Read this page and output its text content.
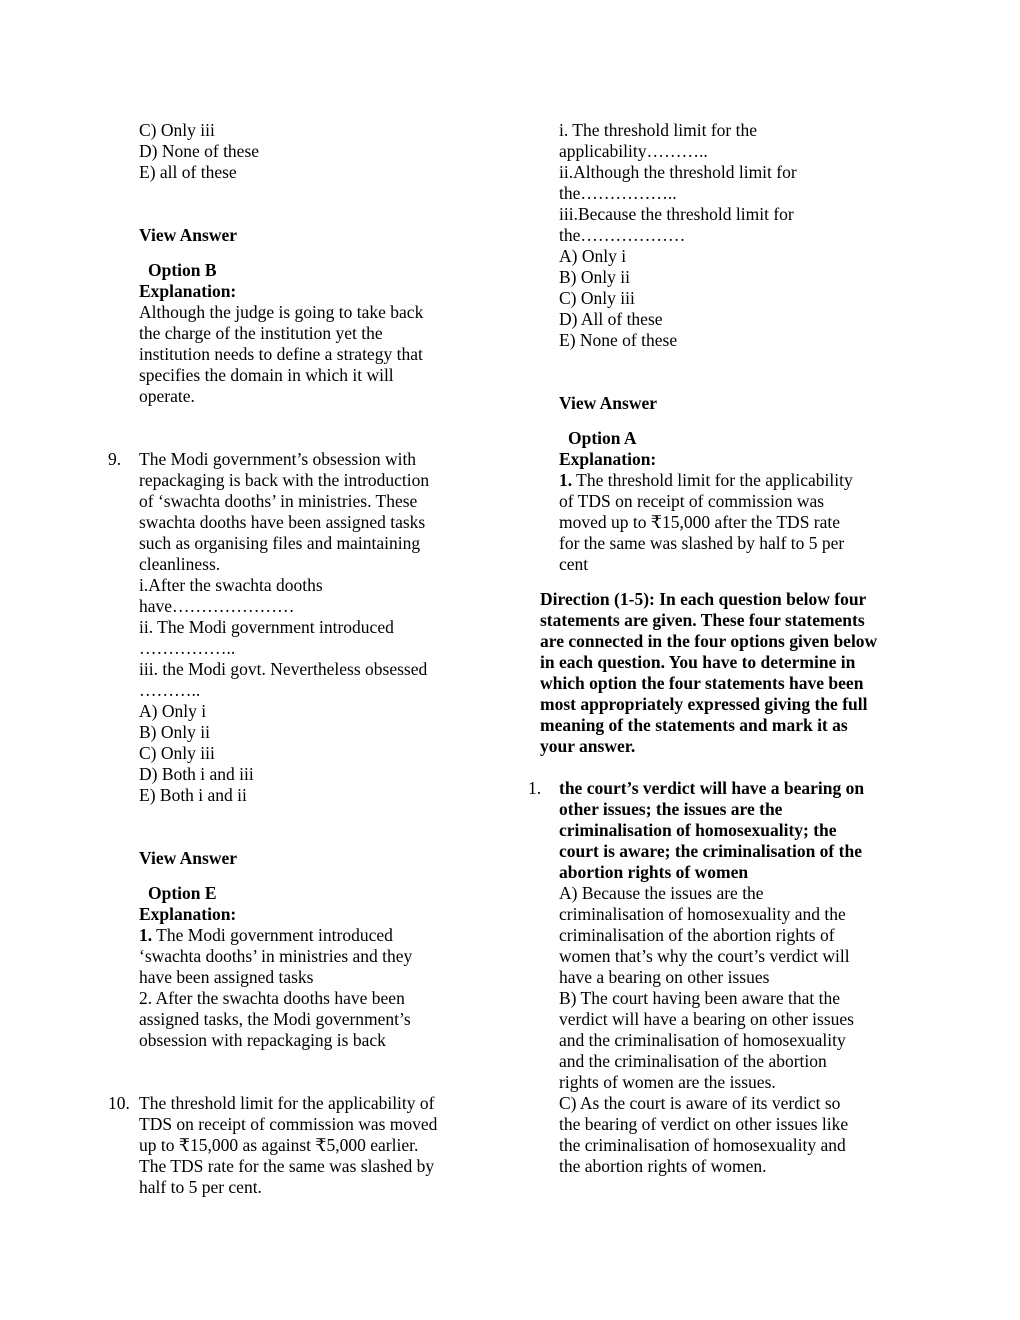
C) Only iii
D) None of these
E) all of these
View Answer
Option B
Explanation:
Although the judge is going to take back
the charge of the institution yet the
institution needs to define a strategy that
specifies the domain in which it will
operate.
9. The Modi government’s obsession with
repackaging is back with the introduction
of ‘swachta dooths’ in ministries. These
swachta dooths have been assigned tasks
such as organising files and maintaining
cleanliness.
i.After the swachta dooths
have…………………
ii. The Modi government introduced
……………..
iii. the Modi govt. Nevertheless obsessed
………..
A) Only i
B) Only ii
C) Only iii
D) Both i and iii
E) Both i and ii
View Answer
Option E
Explanation:
1. The Modi government introduced
‘swachta dooths’ in ministries and they
have been assigned tasks
2. After the swachta dooths have been
assigned tasks, the Modi government’s
obsession with repackaging is back
10. The threshold limit for the applicability of
TDS on receipt of commission was moved
up to ₹15,000 as against ₹5,000 earlier.
The TDS rate for the same was slashed by
half to 5 per cent.
i. The threshold limit for the
applicability………..
ii.Although the threshold limit for
the……………..
iii.Because the threshold limit for
the………………
A) Only i
B) Only ii
C) Only iii
D) All of these
E) None of these
View Answer
Option A
Explanation:
1. The threshold limit for the applicability
of TDS on receipt of commission was
moved up to ₹15,000 after the TDS rate
for the same was slashed by half to 5 per
cent
Direction (1-5): In each question below four
statements are given. These four statements
are connected in the four options given below
in each question. You have to determine in
which option the four statements have been
most appropriately expressed giving the full
meaning of the statements and mark it as
your answer.
1. the court’s verdict will have a bearing on
other issues; the issues are the
criminalisation of homosexuality; the
court is aware; the criminalisation of the
abortion rights of women
A) Because the issues are the
criminalisation of homosexuality and the
criminalisation of the abortion rights of
women that’s why the court’s verdict will
have a bearing on other issues
B) The court having been aware that the
verdict will have a bearing on other issues
and the criminalisation of homosexuality
and the criminalisation of the abortion
rights of women are the issues.
C) As the court is aware of its verdict so
the bearing of verdict on other issues like
the criminalisation of homosexuality and
the abortion rights of women.
